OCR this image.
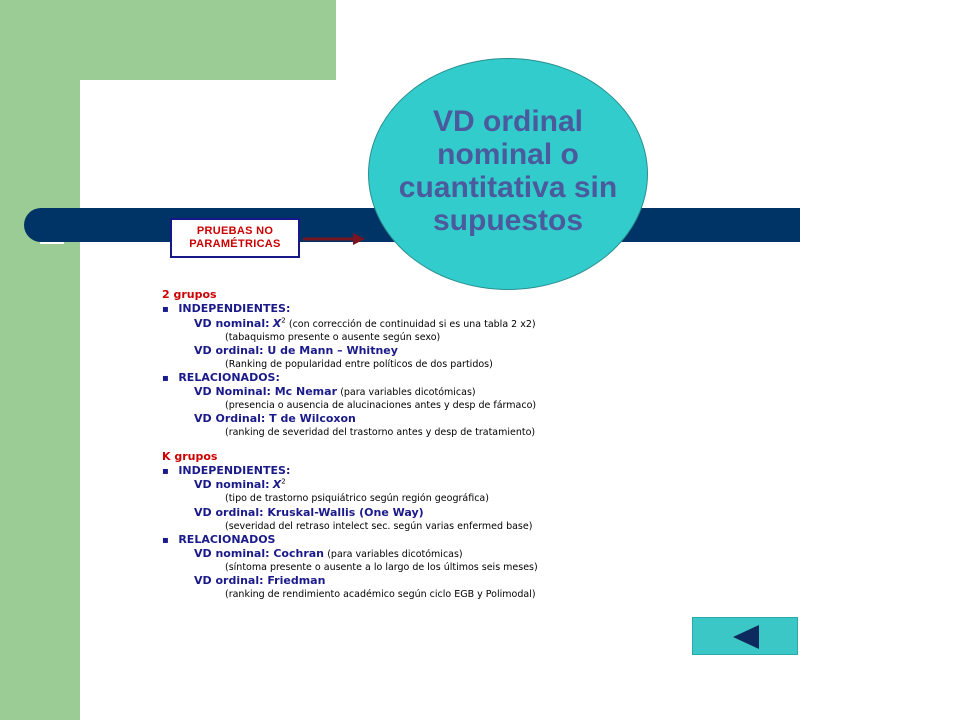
PRUEBAS NO
PARAMÉTRICAS
VD ordinal nominal o cuantitativa sin supuestos
2 grupos
▪ INDEPENDIENTES:
VD nominal: $X^2$ (con corrección de continuidad si es una tabla 2 x2)
(tabaquismo presente o ausente según sexo)
VD ordinal: U de Mann – Whitney
(Ranking de popularidad entre políticos de dos partidos)
▪ RELACIONADOS:
VD Nominal: Mc Nemar (para variables dicotómicas)
(presencia o ausencia de alucinaciones antes y desp de fármaco)
VD Ordinal: T de Wilcoxon
(ranking de severidad del trastorno antes y desp de tratamiento)
K grupos
▪ INDEPENDIENTES:
VD nominal: $X^2$
(tipo de trastorno psiquiátrico según región geográfica)
VD ordinal: Kruskal-Wallis (One Way)
(severidad del retraso intelect sec. según varias enfermed base)
▪ RELACIONADOS
VD nominal: Cochran (para variables dicotómicas)
(síntoma presente o ausente a lo largo de los últimos seis meses)
VD ordinal: Friedman
(ranking de rendimiento académico según ciclo EGB y Polimodal)
